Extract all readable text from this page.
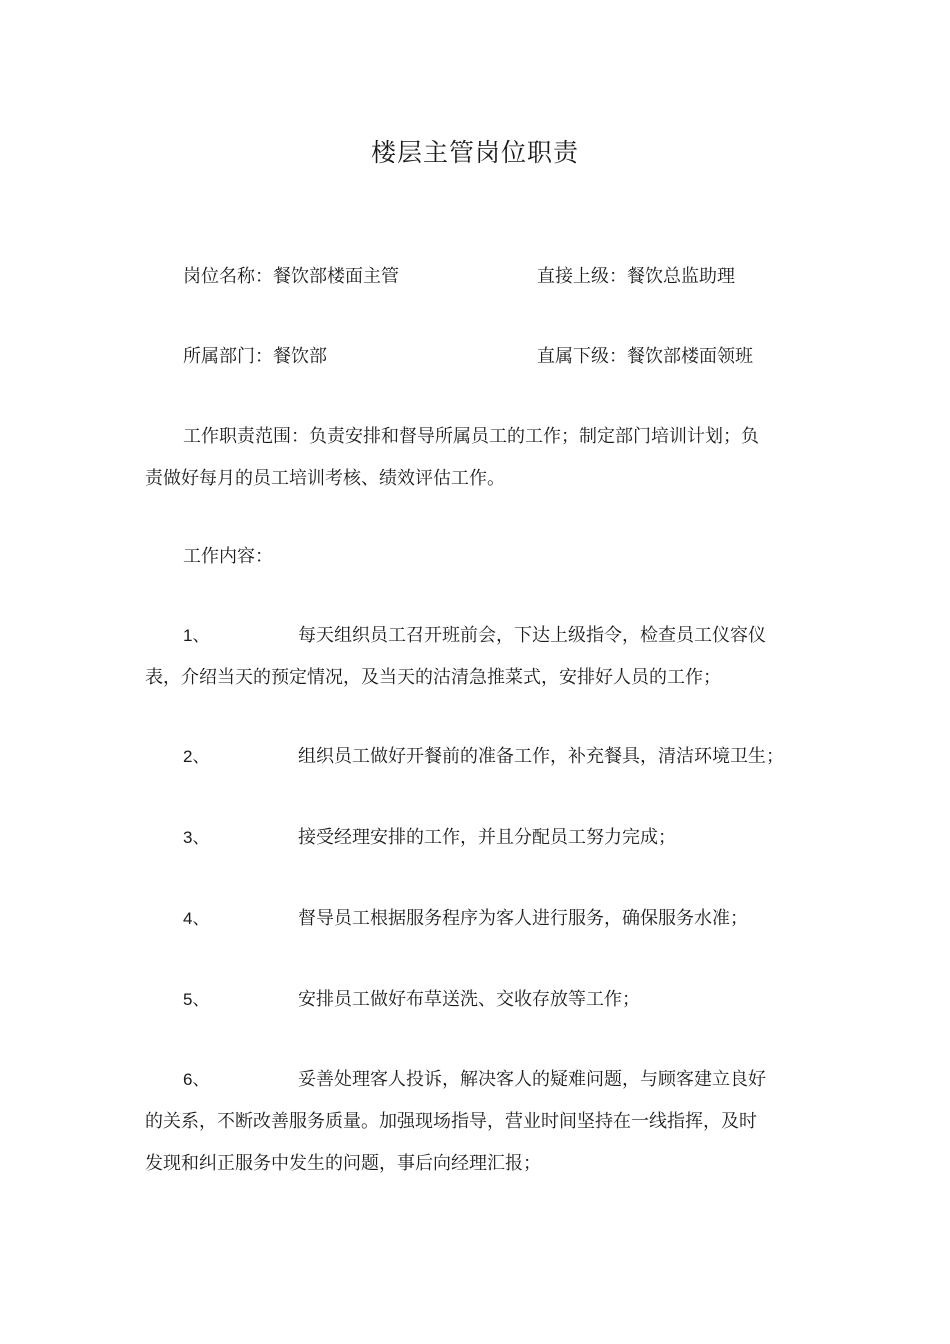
楼层主管岗位职责
岗位名称：餐饮部楼面主管	直接上级：餐饮总监助理
所属部门：餐饮部	直属下级：餐饮部楼面领班
工作职责范围：负责安排和督导所属员工的工作；制定部门培训计划；负
责做好每月的员工培训考核、绩效评估工作。
工作内容：
1、	每天组织员工召开班前会，下达上级指令，检查员工仪容仪
表，介绍当天的预定情况，及当天的沽清急推菜式，安排好人员的工作；
2、	组织员工做好开餐前的准备工作，补充餐具，清洁环境卫生；
3、	接受经理安排的工作，并且分配员工努力完成；
4、	督导员工根据服务程序为客人进行服务，确保服务水准；
5、	安排员工做好布草送洗、交收存放等工作；
6、	妥善处理客人投诉，解决客人的疑难问题，与顾客建立良好
的关系，不断改善服务质量。加强现场指导，营业时间坚持在一线指挥，及时
发现和纠正服务中发生的问题，事后向经理汇报；
